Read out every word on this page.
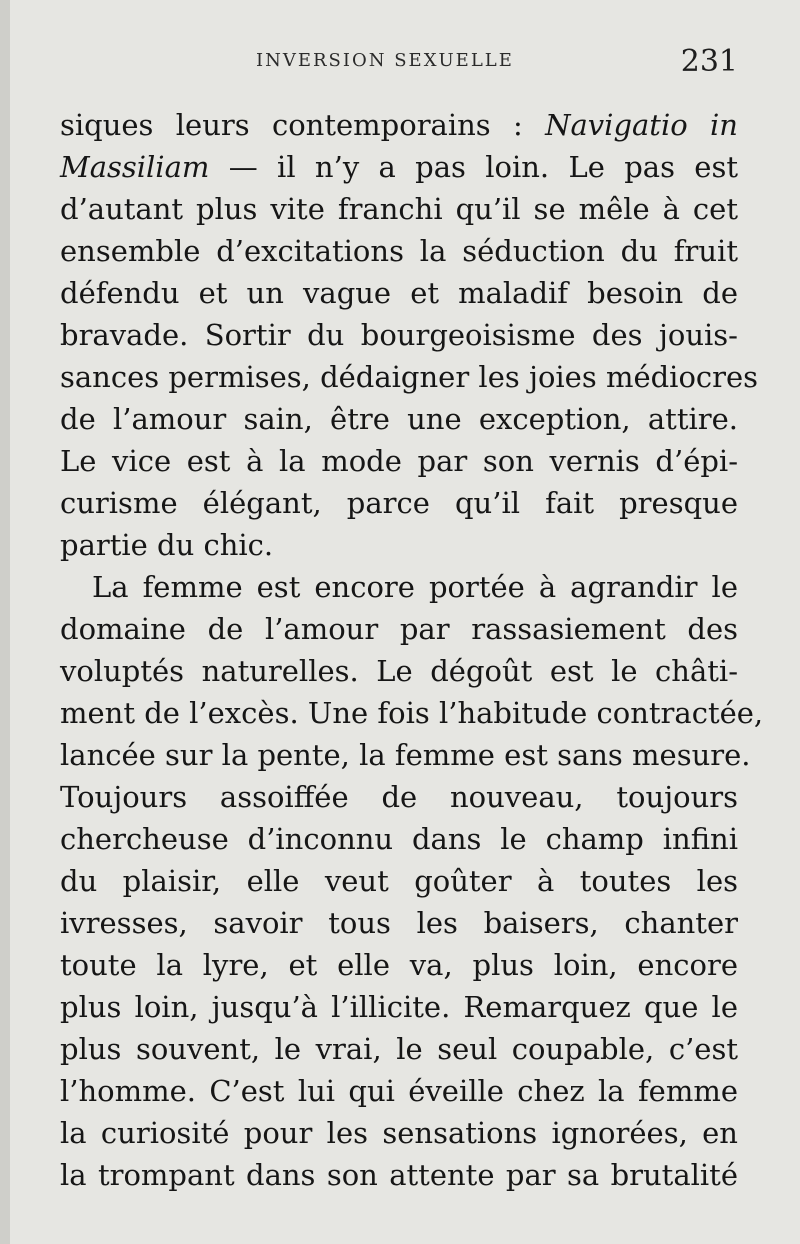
INVERSION SEXUELLE	231
siques leurs contemporains : Navigatio in
Massiliam — il n’y a pas loin. Le pas est
d’autant plus vite franchi qu’il se mêle à cet
ensemble d’excitations la séduction du fruit
défendu et un vague et maladif besoin de
bravade. Sortir du bourgeoisisme des jouis-
sances permises, dédaigner les joies médiocres
de l’amour sain, être une exception, attire.
Le vice est à la mode par son vernis d’épi-
curisme élégant, parce qu’il fait presque
partie du chic.
La femme est encore portée à agrandir le
domaine de l’amour par rassasiement des
voluptés naturelles. Le dégoût est le châti-
ment de l’excès. Une fois l’habitude contractée,
lancée sur la pente, la femme est sans mesure.
Toujours assoiffée de nouveau, toujours
chercheuse d’inconnu dans le champ infini
du plaisir, elle veut goûter à toutes les
ivresses, savoir tous les baisers, chanter
toute la lyre, et elle va, plus loin, encore
plus loin, jusqu’à l’illicite. Remarquez que le
plus souvent, le vrai, le seul coupable, c’est
l’homme. C’est lui qui éveille chez la femme
la curiosité pour les sensations ignorées, en
la trompant dans son attente par sa brutalité
